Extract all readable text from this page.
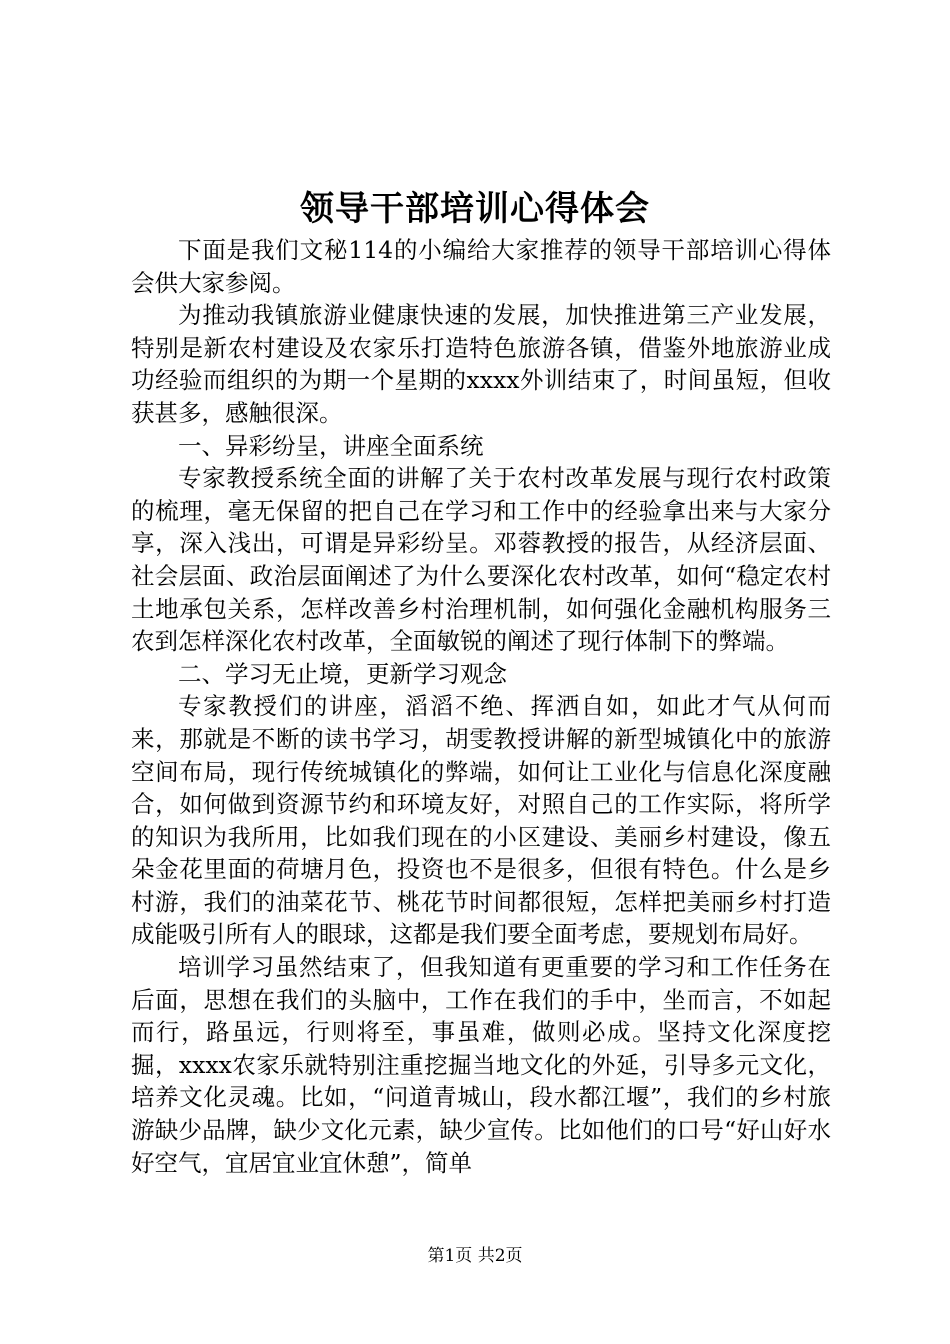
领导干部培训心得体会

下面是我们文秘114的小编给大家推荐的领导干部培训心得体会供大家参阅。

为推动我镇旅游业健康快速的发展，加快推进第三产业发展，特别是新农村建设及农家乐打造特色旅游各镇，借鉴外地旅游业成功经验而组织的为期一个星期的xxxx外训结束了，时间虽短，但收获甚多，感触很深。

一、异彩纷呈，讲座全面系统

专家教授系统全面的讲解了关于农村改革发展与现行农村政策的梳理，毫无保留的把自己在学习和工作中的经验拿出来与大家分享，深入浅出，可谓是异彩纷呈。邓蓉教授的报告，从经济层面、社会层面、政治层面阐述了为什么要深化农村改革，如何“稳定农村土地承包关系，怎样改善乡村治理机制，如何强化金融机构服务三农到怎样深化农村改革，全面敏锐的阐述了现行体制下的弊端。

二、学习无止境，更新学习观念

专家教授们的讲座，滔滔不绝、挥洒自如，如此才气从何而来，那就是不断的读书学习，胡雯教授讲解的新型城镇化中的旅游空间布局，现行传统城镇化的弊端，如何让工业化与信息化深度融合，如何做到资源节约和环境友好，对照自己的工作实际，将所学的知识为我所用，比如我们现在的小区建设、美丽乡村建设，像五朵金花里面的荷塘月色，投资也不是很多，但很有特色。什么是乡村游，我们的油菜花节、桃花节时间都很短，怎样把美丽乡村打造成能吸引所有人的眼球，这都是我们要全面考虑，要规划布局好。

培训学习虽然结束了，但我知道有更重要的学习和工作任务在后面，思想在我们的头脑中，工作在我们的手中，坐而言，不如起而行，路虽远，行则将至，事虽难，做则必成。坚持文化深度挖掘，xxxx农家乐就特别注重挖掘当地文化的外延，引导多元文化，培养文化灵魂。比如，“问道青城山，段水都江堰”，我们的乡村旅游缺少品牌，缺少文化元素，缺少宣传。比如他们的口号“好山好水好空气，宜居宜业宜休憩”，简单

第1页 共2页
